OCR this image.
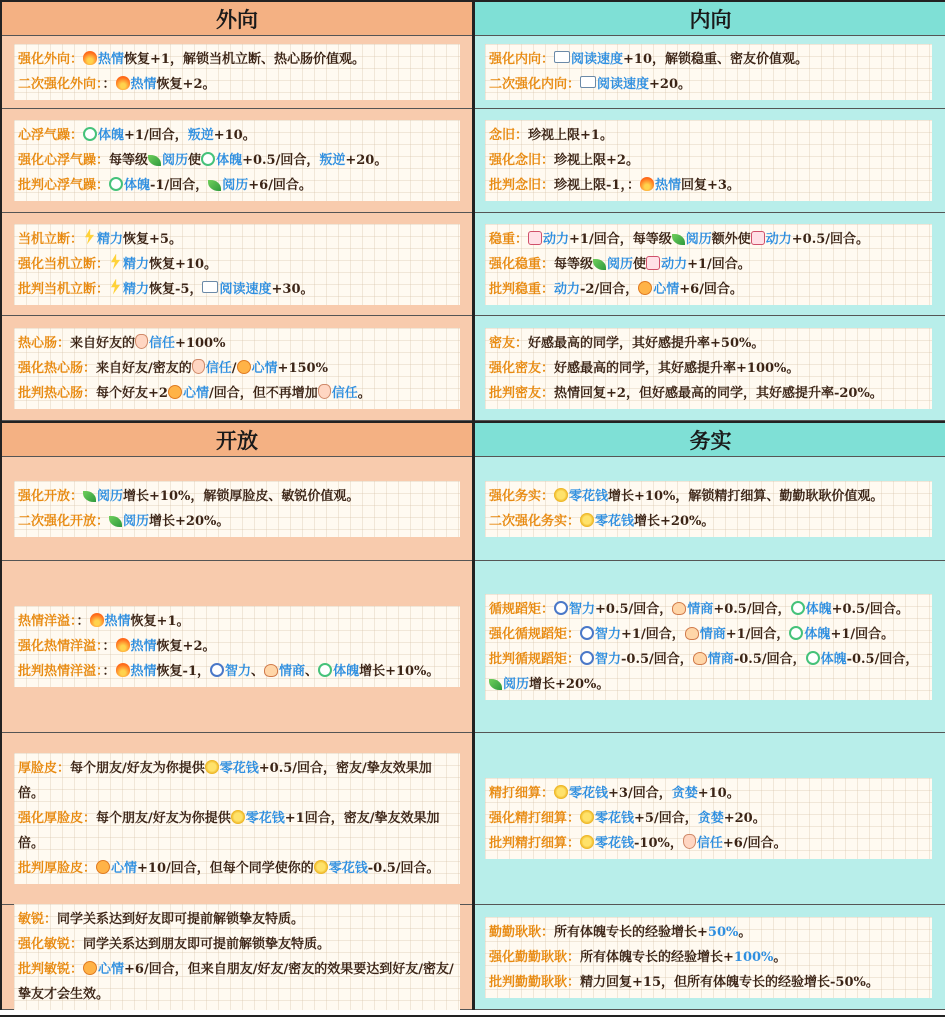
外向
强化外向： 热情恢复+1，解锁当机立断、热心肠价值观。
二次强化外向：： 热情恢复+2。
心浮气躁： 体魄+1/回合，叛逆+10。
强化心浮气躁：每等级 阅历使 体魄+0.5/回合，叛逆+20。
批判心浮气躁： 体魄-1/回合， 阅历+6/回合。
当机立断： 精力恢复+5。
强化当机立断： 精力恢复+10。
批判当机立断： 精力恢复-5， 阅读速度+30。
热心肠：来自好友的 信任+100%
强化热心肠：来自好友/密友的 信任/ 心情+150%
批判热心肠：每个好友+2 心情/回合，但不再增加 信任。
开放
强化开放： 阅历增长+10%，解锁厚脸皮、敏锐价值观。
二次强化开放： 阅历增长+20%。
热情洋溢：： 热情恢复+1。
强化热情洋溢：： 热情恢复+2。
批判热情洋溢：： 热情恢复-1， 智力、 情商、 体魄增长+10%。
厚脸皮：每个朋友/好友为你提供 零花钱+0.5/回合，密友/挚友效果加倍。
强化厚脸皮：每个朋友/好友为你提供 零花钱+1回合，密友/挚友效果加倍。
批判厚脸皮： 心情+10/回合，但每个同学使你的 零花钱-0.5/回合。
敏锐：同学关系达到好友即可提前解锁挚友特质。
强化敏锐：同学关系达到朋友即可提前解锁挚友特质。
批判敏锐： 心情+6/回合，但来自朋友/好友/密友的效果要达到好友/密友/挚友才会生效。
内向
强化内向： 阅读速度+10，解锁稳重、密友价值观。
二次强化内向： 阅读速度+20。
念旧：珍视上限+1。
强化念旧：珍视上限+2。
批判念旧：珍视上限-1，： 热情回复+3。
稳重： 动力+1/回合，每等级 阅历额外使 动力+0.5/回合。
强化稳重：每等级 阅历使 动力+1/回合。
批判稳重：动力-2/回合， 心情+6/回合。
密友：好感最高的同学，其好感提升率+50%。
强化密友：好感最高的同学，其好感提升率+100%。
批判密友：热情回复+2，但好感最高的同学，其好感提升率-20%。
务实
强化务实： 零花钱增长+10%，解锁精打细算、勤勤耿耿价值观。
二次强化务实： 零花钱增长+20%。
循规蹈矩： 智力+0.5/回合， 情商+0.5/回合， 体魄+0.5/回合。
强化循规蹈矩： 智力+1/回合， 情商+1/回合， 体魄+1/回合。
批判循规蹈矩： 智力-0.5/回合， 情商-0.5/回合， 体魄-0.5/回合，阅历增长+20%。
精打细算： 零花钱+3/回合，贪婪+10。
强化精打细算： 零花钱+5/回合，贪婪+20。
批判精打细算： 零花钱-10%， 信任+6/回合。
勤勤耿耿：所有体魄专长的经验增长+50%。
强化勤勤耿耿：所有体魄专长的经验增长+100%。
批判勤勤耿耿：精力回复+15，但所有体魄专长的经验增长-50%。
